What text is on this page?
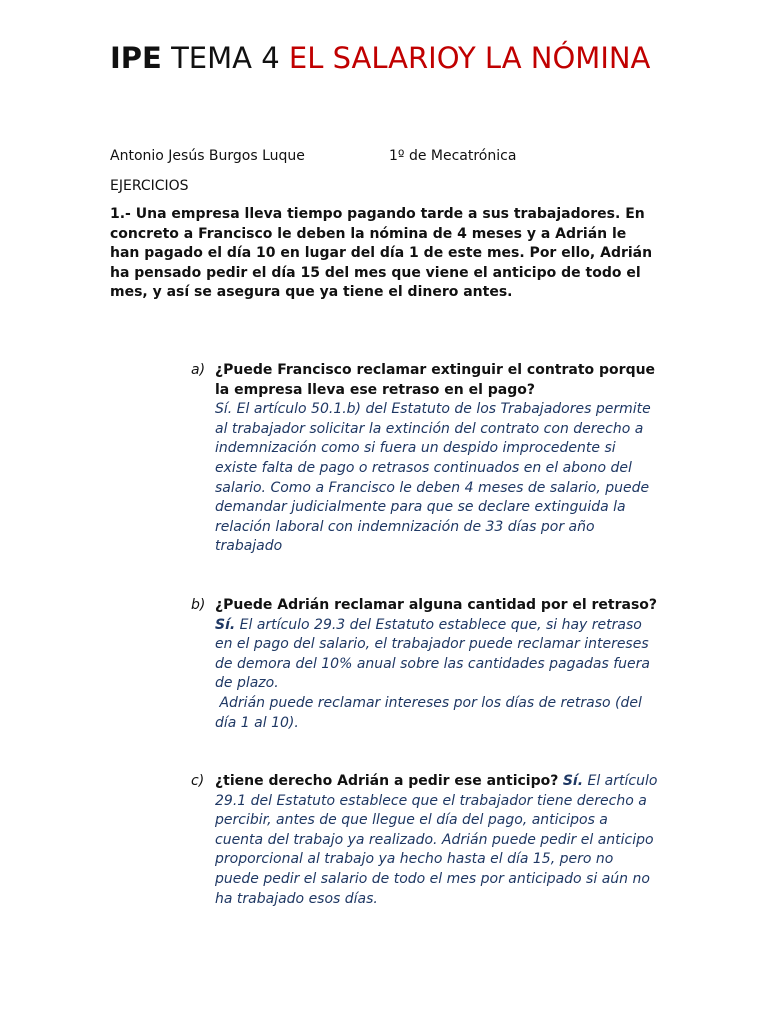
IPE TEMA 4 EL SALARIOY LA NÓMINA
Antonio Jesús Burgos Luque	1º de Mecatrónica
EJERCICIOS

1.- Una empresa lleva tiempo pagando tarde a sus trabajadores. En concreto a Francisco le deben la nómina de 4 meses y a Adrián le han pagado el día 10 en lugar del día 1 de este mes. Por ello, Adrián ha pensado pedir el día 15 del mes que viene el anticipo de todo el mes, y así se asegura que ya tiene el dinero antes.

a) ¿Puede Francisco reclamar extinguir el contrato porque la empresa lleva ese retraso en el pago?
Sí. El artículo 50.1.b) del Estatuto de los Trabajadores permite al trabajador solicitar la extinción del contrato con derecho a indemnización como si fuera un despido improcedente si existe falta de pago o retrasos continuados en el abono del salario. Como a Francisco le deben 4 meses de salario, puede demandar judicialmente para que se declare extinguida la relación laboral con indemnización de 33 días por año trabajado
b) ¿Puede Adrián reclamar alguna cantidad por el retraso? Sí. El artículo 29.3 del Estatuto establece que, si hay retraso en el pago del salario, el trabajador puede reclamar intereses de demora del 10% anual sobre las cantidades pagadas fuera de plazo.
Adrián puede reclamar intereses por los días de retraso (del día 1 al 10).
c) ¿tiene derecho Adrián a pedir ese anticipo? Sí. El artículo 29.1 del Estatuto establece que el trabajador tiene derecho a percibir, antes de que llegue el día del pago, anticipos a cuenta del trabajo ya realizado. Adrián puede pedir el anticipo proporcional al trabajo ya hecho hasta el día 15, pero no puede pedir el salario de todo el mes por anticipado si aún no ha trabajado esos días.
